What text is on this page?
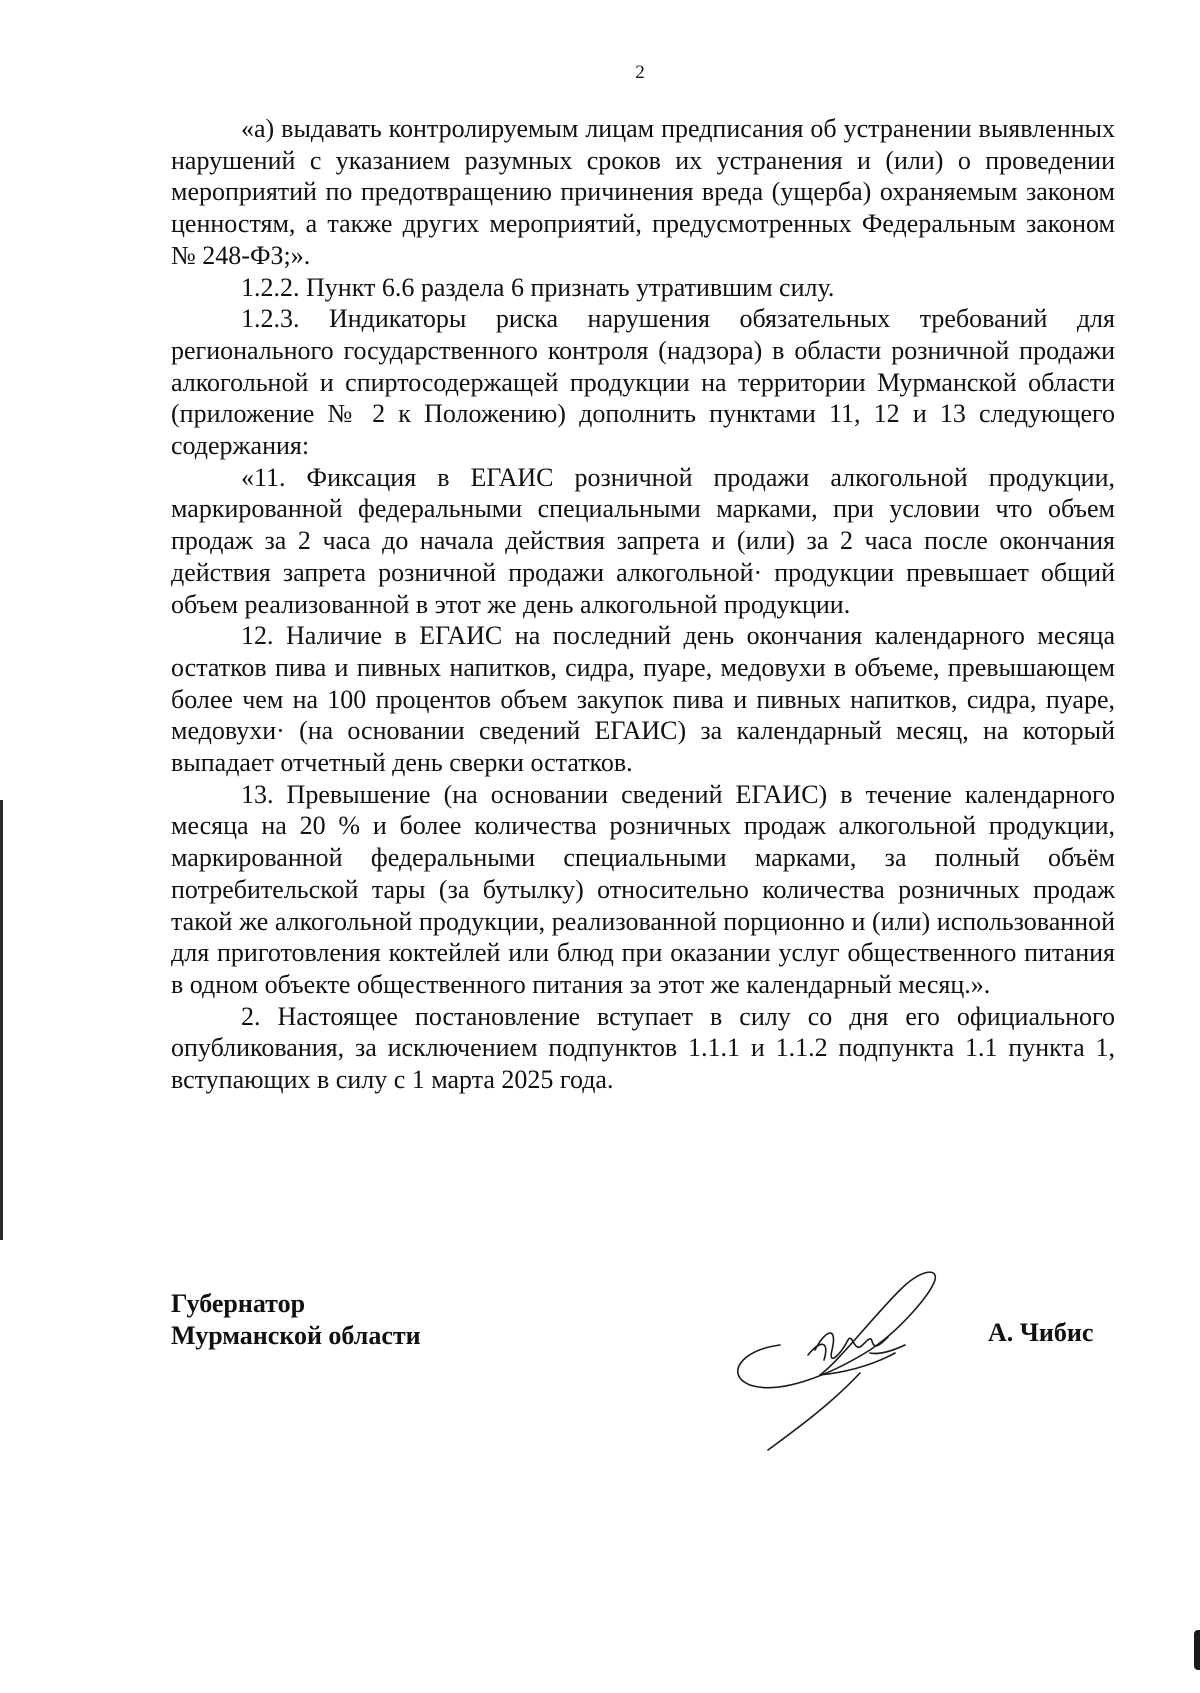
2

«а) выдавать контролируемым лицам предписания об устранении выявленных нарушений с указанием разумных сроков их устранения и (или) о проведении мероприятий по предотвращению причинения вреда (ущерба) охраняемым законом ценностям, а также других мероприятий, предусмотренных Федеральным законом № 248-ФЗ;».

1.2.2. Пункт 6.6 раздела 6 признать утратившим силу.

1.2.3. Индикаторы риска нарушения обязательных требований для регионального государственного контроля (надзора) в области розничной продажи алкогольной и спиртосодержащей продукции на территории Мурманской области (приложение № 2 к Положению) дополнить пунктами 11, 12 и 13 следующего содержания:

«11. Фиксация в ЕГАИС розничной продажи алкогольной продукции, маркированной федеральными специальными марками, при условии что объем продаж за 2 часа до начала действия запрета и (или) за 2 часа после окончания действия запрета розничной продажи алкогольной· продукции превышает общий объем реализованной в этот же день алкогольной продукции.

12. Наличие в ЕГАИС на последний день окончания календарного месяца остатков пива и пивных напитков, сидра, пуаре, медовухи в объеме, превышающем более чем на 100 процентов объем закупок пива и пивных напитков, сидра, пуаре, медовухи· (на основании сведений ЕГАИС) за календарный месяц, на который выпадает отчетный день сверки остатков.

13. Превышение (на основании сведений ЕГАИС) в течение календарного месяца на 20 % и более количества розничных продаж алкогольной продукции, маркированной федеральными специальными марками, за полный объём потребительской тары (за бутылку) относительно количества розничных продаж такой же алкогольной продукции, реализованной порционно и (или) использованной для приготовления коктейлей или блюд при оказании услуг общественного питания в одном объекте общественного питания за этот же календарный месяц.».

2. Настоящее постановление вступает в силу со дня его официального опубликования, за исключением подпунктов 1.1.1 и 1.1.2 подпункта 1.1 пункта 1, вступающих в силу с 1 марта 2025 года.

Губернатор
Мурманской области	А. Чибис
